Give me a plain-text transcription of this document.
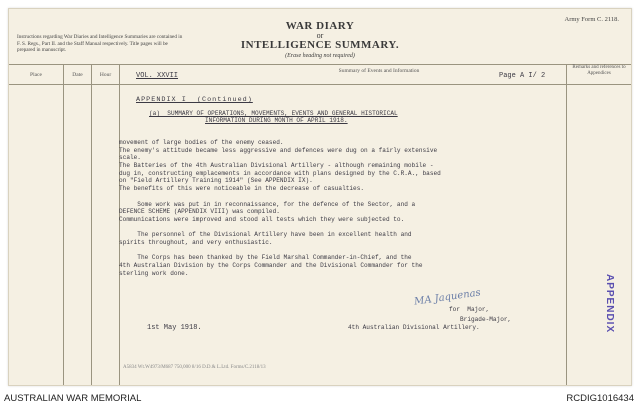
Army Form C. 2118.
WAR DIARY
or
INTELLIGENCE SUMMARY.
(Erase heading not required)
Instructions regarding War Diaries and Intelligence Summaries are contained in F. S. Regs., Part II. and the Staff Manual respectively. Title pages will be prepared in manuscript.
Place	Date	Hour
Summary of Events and Information
Remarks and references to Appendices
VOL. XXVII	Page A I/ 2
APPENDIX I  (Continued)
(a)  SUMMARY OF OPERATIONS, MOVEMENTS, EVENTS AND GENERAL HISTORICAL
INFORMATION DURING MONTH OF APRIL 1918.
movement of large bodies of the enemy ceased.
The enemy's attitude became less aggressive and defences were dug on a fairly extensive
scale.
The Batteries of the 4th Australian Divisional Artillery - although remaining mobile -
dug in, constructing emplacements in accordance with plans designed by the C.R.A., based
on "Field Artillery Training 1914" (See APPENDIX IX).
The benefits of this were noticeable in the decrease of casualties.
Some work was put in in reconnaissance, for the defence of the Sector, and a
DEFENCE SCHEME (APPENDIX VIII) was compiled.
Communications were improved and stood all tests which they were subjected to.
The personnel of the Divisional Artillery have been in excellent health and
spirits throughout, and very enthusiastic.
The Corps has been thanked by the Field Marshal Commander-in-Chief, and the
4th Australian Division by the Corps Commander and the Divisional Commander for the
sterling work done.
MA Jaquenas
for  Major,
Brigade-Major,
4th Australian Divisional Artillery.
1st May 1918.	APPENDIX
A5834 Wt.W4973/M687 750,000 8/16 D.D.& L.Ltd. Forms/C.2118/13
AUSTRALIAN WAR MEMORIAL	RCDIG1016434
